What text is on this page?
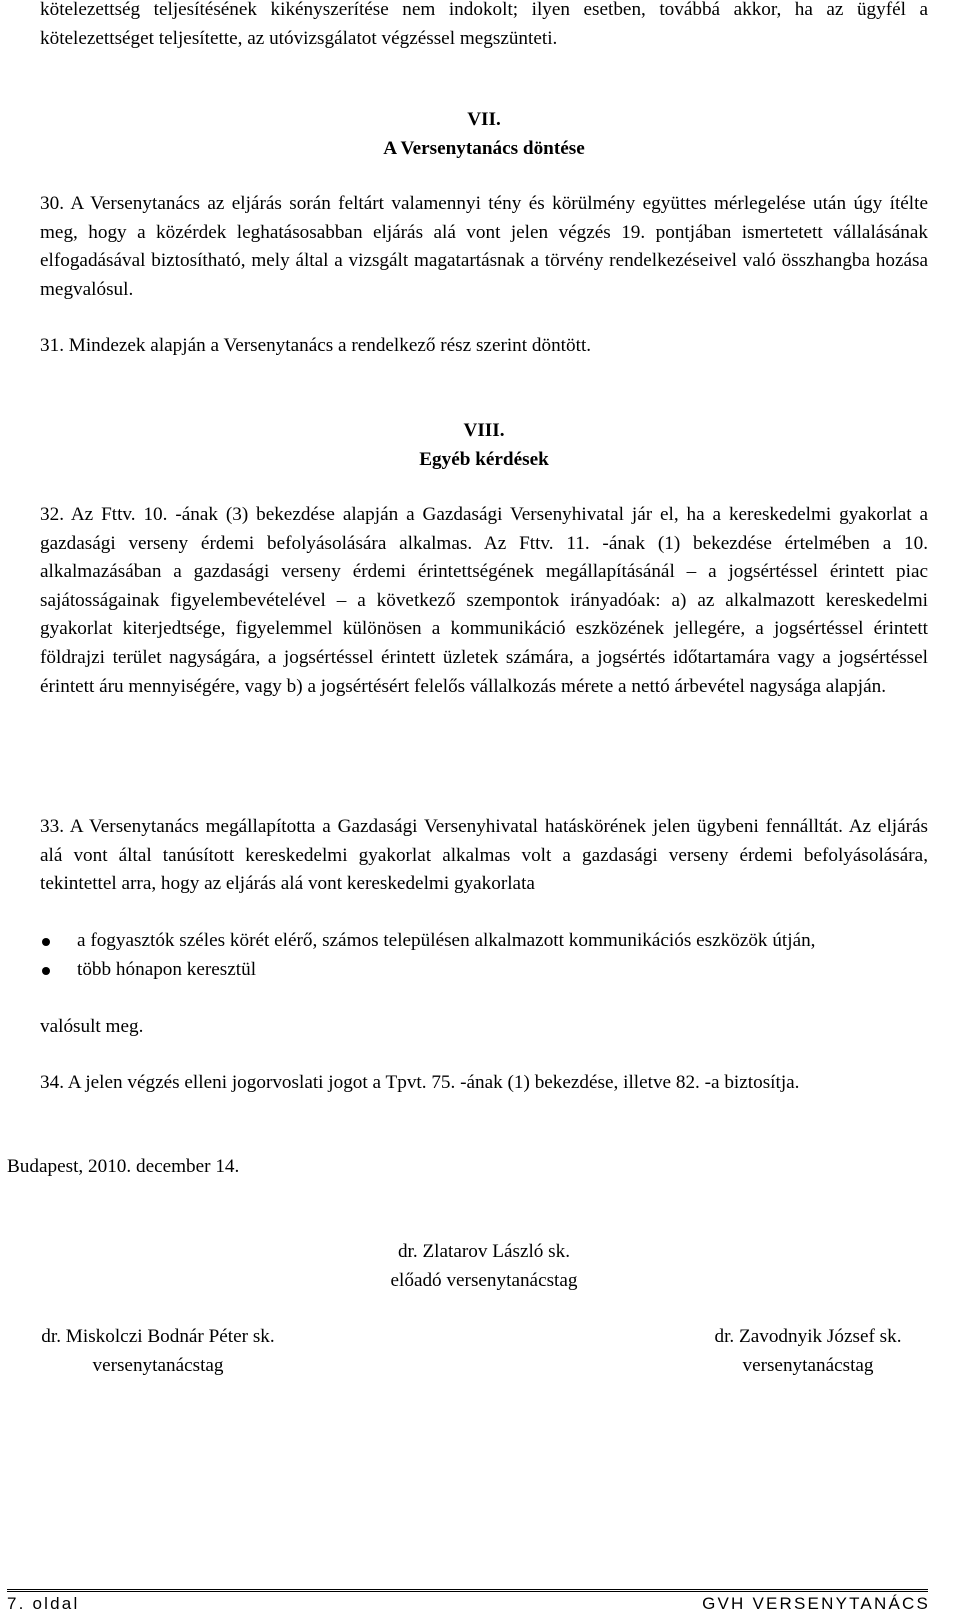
kötelezettség teljesítésének kikényszerítése nem indokolt; ilyen esetben, továbbá akkor, ha az ügyfél a kötelezettséget teljesítette, az utóvizsgálatot végzéssel megszünteti.

VII.

A Versenytanács döntése

30. A Versenytanács az eljárás során feltárt valamennyi tény és körülmény együttes mérlegelése után úgy ítélte meg, hogy a közérdek leghatásosabban eljárás alá vont jelen végzés 19. pontjában ismertetett vállalásának elfogadásával biztosítható, mely által a vizsgált magatartásnak a törvény rendelkezéseivel való összhangba hozása megvalósul.

31. Mindezek alapján a Versenytanács a rendelkező rész szerint döntött.

VIII.

Egyéb kérdések

32. Az Fttv. 10. -ának (3) bekezdése alapján a Gazdasági Versenyhivatal jár el, ha a kereskedelmi gyakorlat a gazdasági verseny érdemi befolyásolására alkalmas. Az Fttv. 11. -ának (1) bekezdése értelmében a 10. alkalmazásában a gazdasági verseny érdemi érintettségének megállapításánál – a jogsértéssel érintett piac sajátosságainak figyelembevételével – a következő szempontok irányadóak: a) az alkalmazott kereskedelmi gyakorlat kiterjedtsége, figyelemmel különösen a kommunikáció eszközének jellegére, a jogsértéssel érintett földrajzi terület nagyságára, a jogsértéssel érintett üzletek számára, a jogsértés időtartamára vagy a jogsértéssel érintett áru mennyiségére, vagy b) a jogsértésért felelős vállalkozás mérete a nettó árbevétel nagysága alapján.

33. A Versenytanács megállapította a Gazdasági Versenyhivatal hatáskörének jelen ügybeni fennálltát. Az eljárás alá vont által tanúsított kereskedelmi gyakorlat alkalmas volt a gazdasági verseny érdemi befolyásolására, tekintettel arra, hogy az eljárás alá vont kereskedelmi gyakorlata

a fogyasztók széles körét elérő, számos településen alkalmazott kommunikációs eszközök útján,
több hónapon keresztül

valósult meg.

34. A jelen végzés elleni jogorvoslati jogot a Tpvt. 75. -ának (1) bekezdése, illetve 82. -a biztosítja.

Budapest, 2010. december 14.

dr. Zlatarov László sk.
előadó versenytanácstag
dr. Miskolczi Bodnár Péter sk.
versenytanácstag
dr. Zavodnyik József sk.
versenytanácstag

7. oldal	GVH VERSENYTANÁCS
